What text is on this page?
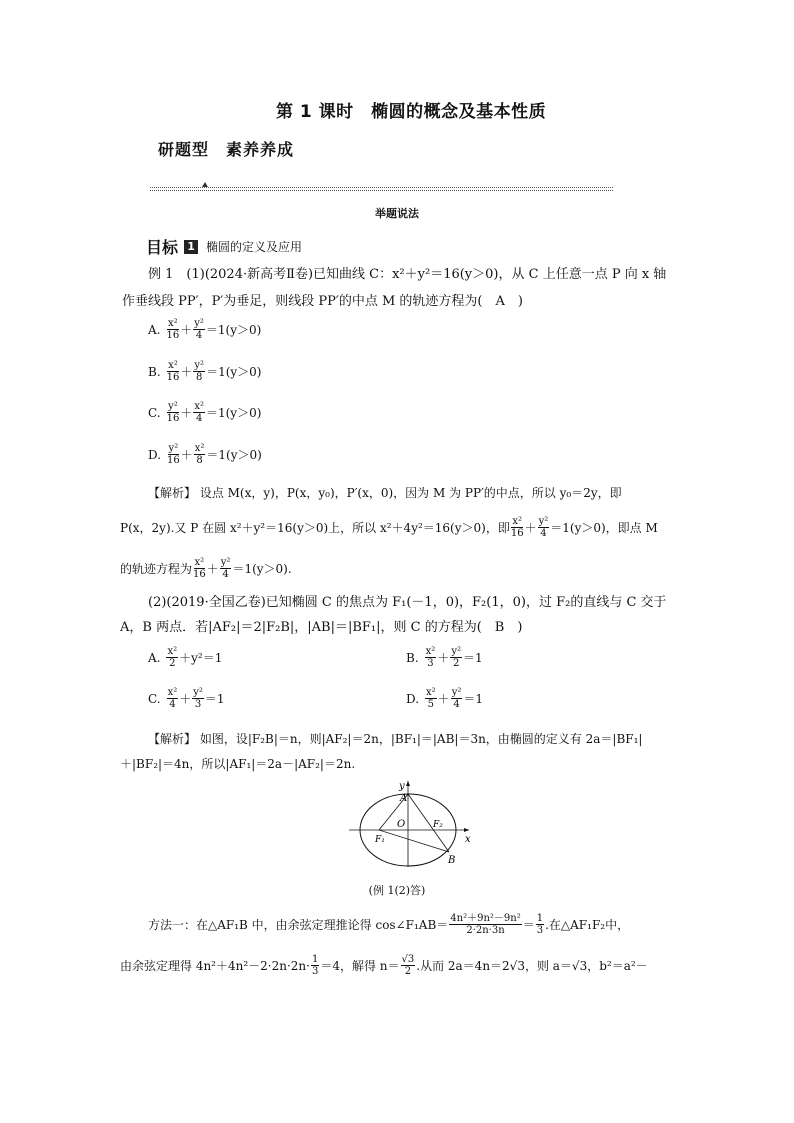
第 1 课时　椭圆的概念及基本性质
研题型　素养养成
举题说法
目标 1 椭圆的定义及应用
例 1　(1)(2024·新高考Ⅱ卷)已知曲线 C：x²＋y²＝16(y＞0)，从 C 上任意一点 P 向 x 轴
作垂线段 PP′，P′为垂足，则线段 PP′的中点 M 的轨迹方程为(　A　)
A. $\frac{\text{x²}}{16} + \frac{\text{y²}}{4} =1(y>0)$
B. $\frac{\text{x²}}{16} + \frac{\text{y²}}{8} =1(y>0)$
C. $\frac{\text{y²}}{16} + \frac{\text{x²}}{4} =1(y>0)$
D. $\frac{\text{y²}}{16} + \frac{\text{x²}}{8} =1(y>0)$
【解析】 设点 M(x，y)，P(x，y₀)，P′(x，0)，因为 M 为 PP′的中点，所以 y₀＝2y，即
P(x，2y).又 P 在圆 x²＋y²＝16(y＞0)上，所以 x²＋4y²＝16(y＞0)，即 $\frac{\text{x²}}{16} + \frac{\text{y²}}{4} =1(y>0)$，即点 M
的轨迹方程为 $\frac{\text{x²}}{16} + \frac{\text{y²}}{4} =1(y>0)$.
(2)(2019·全国乙卷)已知椭圆 C 的焦点为 F₁(－1，0)，F₂(1，0)，过 F₂的直线与 C 交于
A，B 两点．若|AF₂|＝2|F₂B|，|AB|＝|BF₁|，则 C 的方程为(　B　)
A. $\frac{\text{x²}}{2} +y^2=1$	B. $\frac{\text{x²}}{3} + \frac{\text{y²}}{2} =1$
C. $\frac{\text{x²}}{4} + \frac{\text{y²}}{3} =1$	D. $\frac{\text{x²}}{5} + \frac{\text{y²}}{4} =1$
【解析】 如图，设|F₂B|＝n，则|AF₂|＝2n，|BF₁|＝|AB|＝3n，由椭圆的定义有 2a＝|BF₁|
＋|BF₂|＝4n，所以|AF₁|＝2a－|AF₂|＝2n.
y
x
O
A
B
F₁
F₂
(例 1(2)答)
方法一：在△AF₁B 中，由余弦定理推论得 cos∠F₁AB＝ $\frac{\text{4n²＋9n²－9n²}}{2\cdot 2n\cdot 3n} = \frac{1}{3}$ .在△AF₁F₂中，
由余弦定理得 $4n^2+4n^2-2\cdot 2n\cdot 2n\cdot \frac{1}{3} =4$，解得 $n= \frac{√3}{2}$ .从而 2a＝4n＝2√3，则 a＝√3，b²＝a²－
